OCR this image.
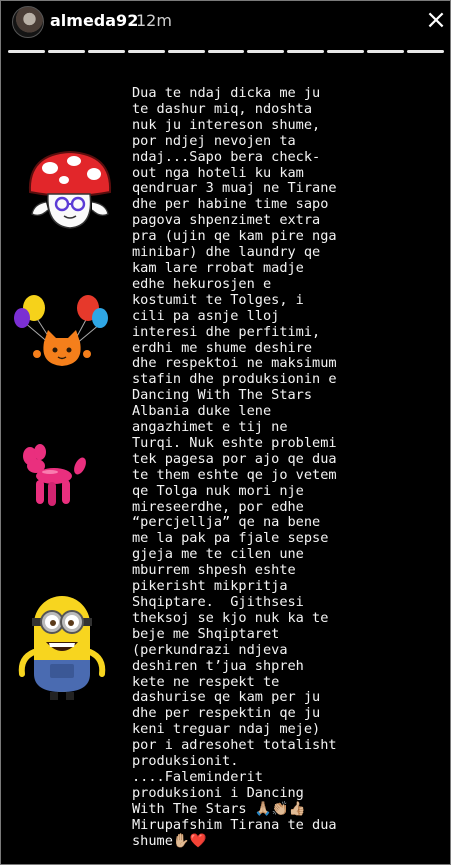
almeda92
12m	×
Dua te ndaj dicka me ju
te dashur miq, ndoshta
nuk ju intereson shume,
por ndjej nevojen ta
ndaj...Sapo bera check-
out nga hoteli ku kam
qendruar 3 muaj ne Tirane
dhe per habine time sapo
pagova shpenzimet extra
pra (ujin qe kam pire nga
minibar) dhe laundry qe
kam lare rrobat madje
edhe hekurosjen e
kostumit te Tolges, i
cili pa asnje lloj
interesi dhe perfitimi,
erdhi me shume deshire
dhe respektoi ne maksimum
stafin dhe produksionin e
Dancing With The Stars
Albania duke lene
angazhimet e tij ne
Turqi. Nuk eshte problemi
tek pagesa por ajo qe dua
te them eshte qe jo vetem
qe Tolga nuk mori nje
mireseerdhe, por edhe
“percjellja” qe na bene
me la pak pa fjale sepse
gjeja me te cilen une
mburrem shpesh eshte
pikerisht mikpritja
Shqiptare.  Gjithsesi
theksoj se kjo nuk ka te
beje me Shqiptaret
(perkundrazi ndjeva
deshiren t’jua shpreh
kete ne respekt te
dashurise qe kam per ju
dhe per respektin qe ju
keni treguar ndaj meje)
por i adresohet totalisht
produksionit.
....Faleminderit
produksioni i Dancing
With The Stars 🙏🏼👏🏼👍🏼
Mirupafshim Tirana te dua
shume✋🏼❤️
